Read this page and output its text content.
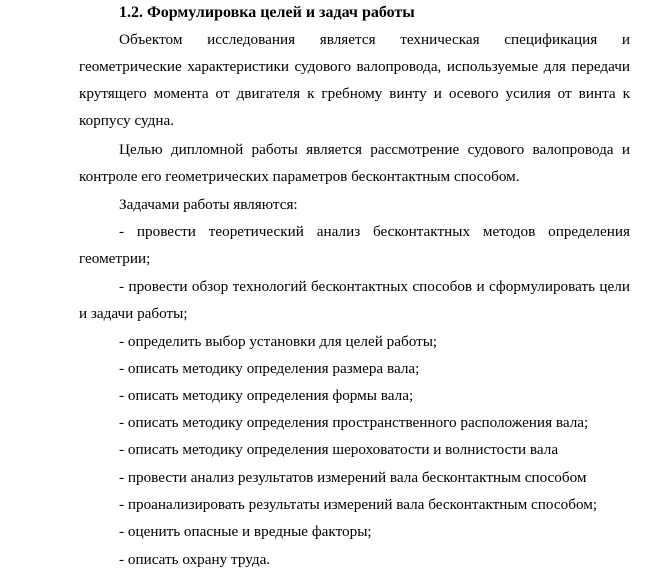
1.2. Формулировка целей и задач работы

Объектом исследования является техническая спецификация и геометрические характеристики судового валопровода, используемые для передачи крутящего момента от двигателя к гребному винту и осевого усилия от винта к корпусу судна.

Целью дипломной работы является рассмотрение судового валопровода и контроле его геометрических параметров бесконтактным способом.

Задачами работы являются:

- провести теоретический анализ бесконтактных методов определения геометрии;

- провести обзор технологий бесконтактных способов и сформулировать цели и задачи работы;

- определить выбор установки для целей работы;

- описать методику определения размера вала;

- описать методику определения формы вала;

- описать методику определения пространственного расположения вала;

- описать методику определения шероховатости и волнистости вала

- провести анализ результатов измерений вала бесконтактным способом

- проанализировать результаты измерений вала бесконтактным способом;

- оценить опасные и вредные факторы;

- описать охрану труда.
